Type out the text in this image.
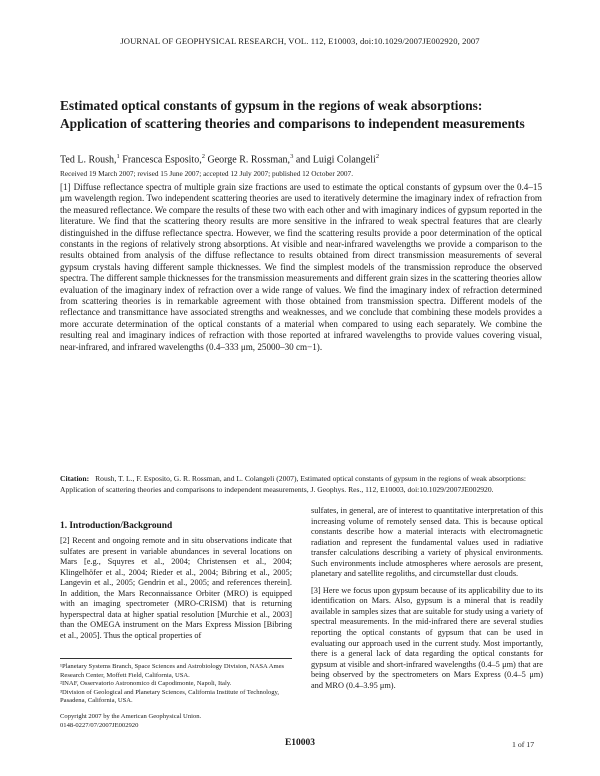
JOURNAL OF GEOPHYSICAL RESEARCH, VOL. 112, E10003, doi:10.1029/2007JE002920, 2007
Estimated optical constants of gypsum in the regions of weak absorptions: Application of scattering theories and comparisons to independent measurements
Ted L. Roush,$^1$ Francesca Esposito,$^2$ George R. Rossman,$^3$ and Luigi Colangeli$^2$
Received 19 March 2007; revised 15 June 2007; accepted 12 July 2007; published 12 October 2007.
[1] Diffuse reflectance spectra of multiple grain size fractions are used to estimate the optical constants of gypsum over the 0.4–15 μm wavelength region. Two independent scattering theories are used to iteratively determine the imaginary index of refraction from the measured reflectance. We compare the results of these two with each other and with imaginary indices of gypsum reported in the literature. We find that the scattering theory results are more sensitive in the infrared to weak spectral features that are clearly distinguished in the diffuse reflectance spectra. However, we find the scattering results provide a poor determination of the optical constants in the regions of relatively strong absorptions. At visible and near-infrared wavelengths we provide a comparison to the results obtained from analysis of the diffuse reflectance to results obtained from direct transmission measurements of several gypsum crystals having different sample thicknesses. We find the simplest models of the transmission reproduce the observed spectra. The different sample thicknesses for the transmission measurements and different grain sizes in the scattering theories allow evaluation of the imaginary index of refraction over a wide range of values. We find the imaginary index of refraction determined from scattering theories is in remarkable agreement with those obtained from transmission spectra. Different models of the reflectance and transmittance have associated strengths and weaknesses, and we conclude that combining these models provides a more accurate determination of the optical constants of a material when compared to using each separately. We combine the resulting real and imaginary indices of refraction with those reported at infrared wavelengths to provide values covering visual, near-infrared, and infrared wavelengths (0.4–333 μm, 25000–30 cm−1).
Citation: Roush, T. L., F. Esposito, G. R. Rossman, and L. Colangeli (2007), Estimated optical constants of gypsum in the regions of weak absorptions: Application of scattering theories and comparisons to independent measurements, J. Geophys. Res., 112, E10003, doi:10.1029/2007JE002920.
1. Introduction/Background

[2] Recent and ongoing remote and in situ observations indicate that sulfates are present in variable abundances in several locations on Mars [e.g., Squyres et al., 2004; Christensen et al., 2004; Klingelhöfer et al., 2004; Rieder et al., 2004; Bibring et al., 2005; Langevin et al., 2005; Gendrin et al., 2005; and references therein]. In addition, the Mars Reconnaissance Orbiter (MRO) is equipped with an imaging spectrometer (MRO-CRISM) that is returning hyperspectral data at higher spatial resolution [Murchie et al., 2003] than the OMEGA instrument on the Mars Express Mission [Bibring et al., 2005]. Thus the optical properties of

sulfates, in general, are of interest to quantitative interpretation of this increasing volume of remotely sensed data. This is because optical constants describe how a material interacts with electromagnetic radiation and represent the fundamental values used in radiative transfer calculations describing a variety of physical environments. Such environments include atmospheres where aerosols are present, planetary and satellite regoliths, and circumstellar dust clouds.

[3] Here we focus upon gypsum because of its applicability due to its identification on Mars. Also, gypsum is a mineral that is readily available in samples sizes that are suitable for study using a variety of spectral measurements. In the mid-infrared there are several studies reporting the optical constants of gypsum that can be used in evaluating our approach used in the current study. Most importantly, there is a general lack of data regarding the optical constants for gypsum at visible and short-infrared wavelengths (0.4–5 μm) that are being observed by the spectrometers on Mars Express (0.4–5 μm) and MRO (0.4–3.95 μm).

¹Planetary Systems Branch, Space Sciences and Astrobiology Division, NASA Ames Research Center, Moffett Field, California, USA.
²INAF, Osservatorio Astronomico di Capodimonte, Napoli, Italy.
³Division of Geological and Planetary Sciences, California Institute of Technology, Pasadena, California, USA.
Copyright 2007 by the American Geophysical Union.
0148-0227/07/2007JE002920
E10003	1 of 17
